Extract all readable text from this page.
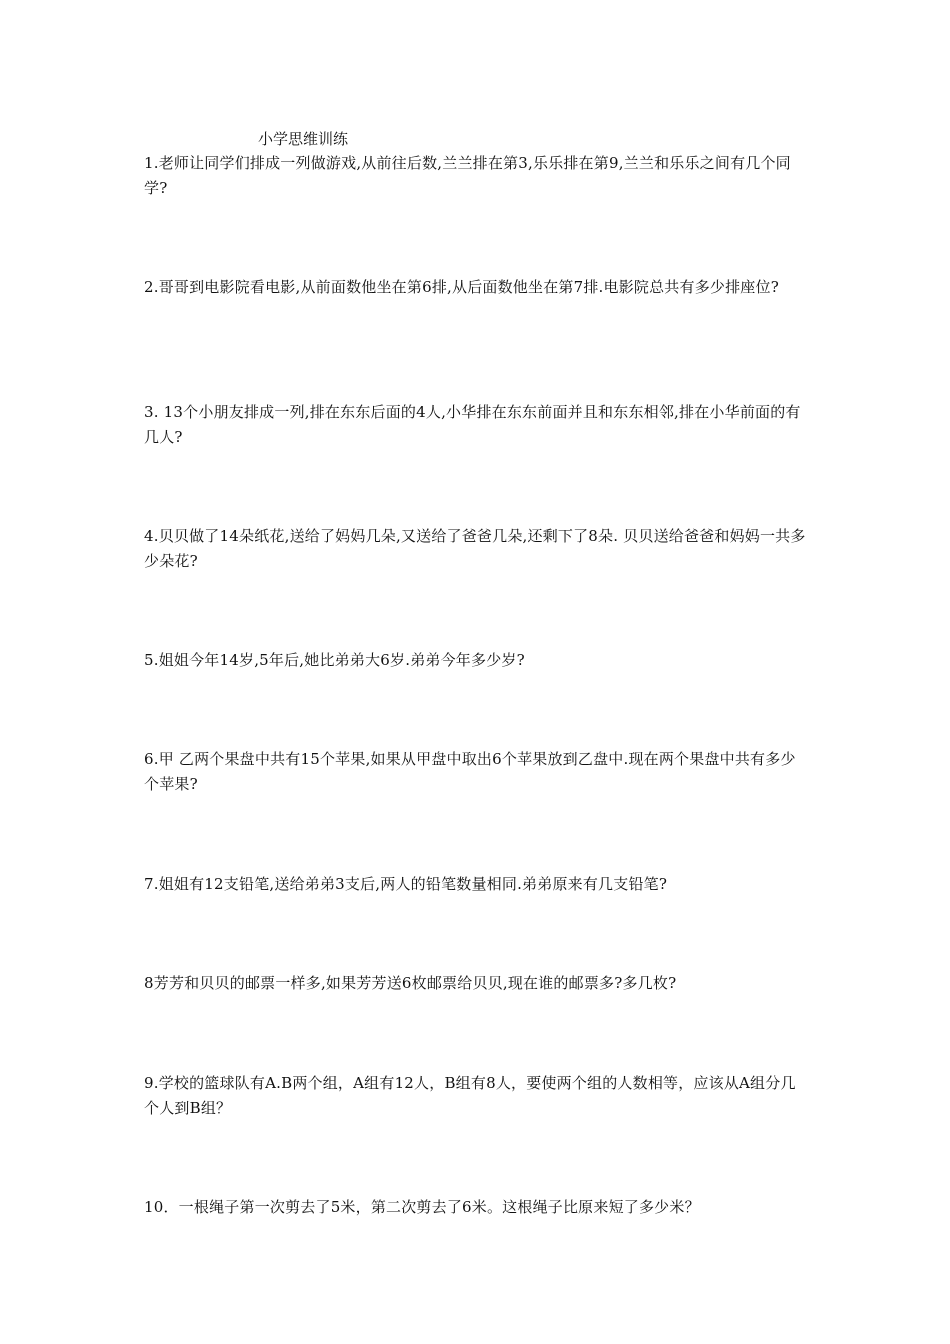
小学思维训练

1.老师让同学们排成一列做游戏,从前往后数,兰兰排在第3,乐乐排在第9,兰兰和乐乐之间有几个同学?

2.哥哥到电影院看电影,从前面数他坐在第6排,从后面数他坐在第7排.电影院总共有多少排座位?

3. 13个小朋友排成一列,排在东东后面的4人,小华排在东东前面并且和东东相邻,排在小华前面的有几人?

4.贝贝做了14朵纸花,送给了妈妈几朵,又送给了爸爸几朵,还剩下了8朵. 贝贝送给爸爸和妈妈一共多少朵花?

5.姐姐今年14岁,5年后,她比弟弟大6岁.弟弟今年多少岁?

6.甲 乙两个果盘中共有15个苹果,如果从甲盘中取出6个苹果放到乙盘中.现在两个果盘中共有多少个苹果?

7.姐姐有12支铅笔,送给弟弟3支后,两人的铅笔数量相同.弟弟原来有几支铅笔?

8芳芳和贝贝的邮票一样多,如果芳芳送6枚邮票给贝贝,现在谁的邮票多?多几枚?

9.学校的篮球队有A.B两个组，A组有12人，B组有8人，要使两个组的人数相等，应该从A组分几个人到B组？

10．一根绳子第一次剪去了5米，第二次剪去了6米。这根绳子比原来短了多少米？
